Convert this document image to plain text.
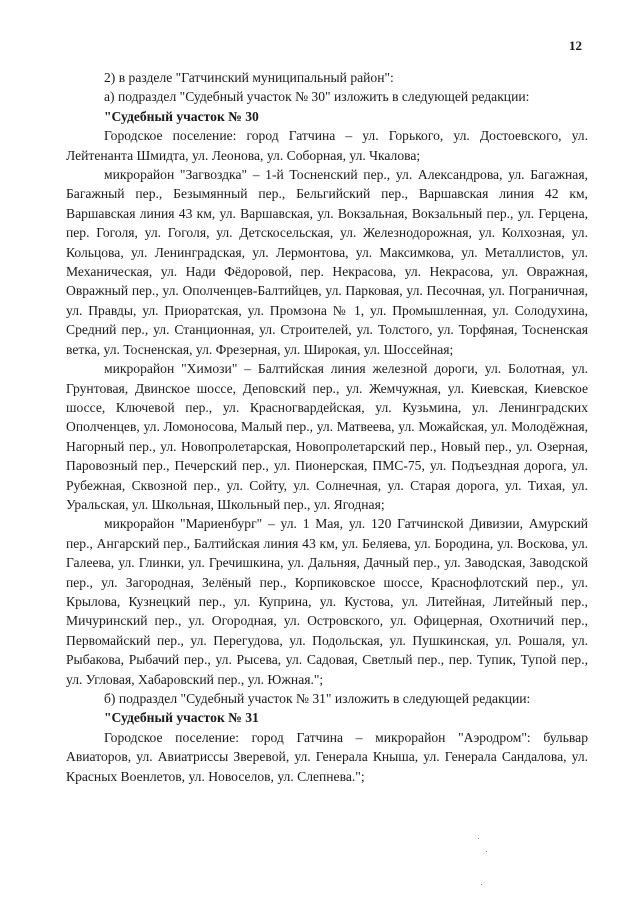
12

2) в разделе "Гатчинский муниципальный район":

а) подраздел "Судебный участок № 30" изложить в следующей редакции:

"Судебный участок № 30

Городское поселение: город Гатчина – ул. Горького, ул. Достоевского, ул. Лейтенанта Шмидта, ул. Леонова, ул. Соборная, ул. Чкалова;

микрорайон "Загвоздка" – 1-й Тосненский пер., ул. Александрова, ул. Багажная, Багажный пер., Безымянный пер., Бельгийский пер., Варшавская линия 42 км, Варшавская линия 43 км, ул. Варшавская, ул. Вокзальная, Вокзальный пер., ул. Герцена, пер. Гоголя, ул. Гоголя, ул. Детскосельская, ул. Железнодорожная, ул. Колхозная, ул. Кольцова, ул. Ленинградская, ул. Лермонтова, ул. Максимкова, ул. Металлистов, ул. Механическая, ул. Нади Фёдоровой, пер. Некрасова, ул. Некрасова, ул. Овражная, Овражный пер., ул. Ополченцев-Балтийцев, ул. Парковая, ул. Песочная, ул. Пограничная, ул. Правды, ул. Приоратская, ул. Промзона № 1, ул. Промышленная, ул. Солодухина, Средний пер., ул. Станционная, ул. Строителей, ул. Толстого, ул. Торфяная, Тосненская ветка, ул. Тосненская, ул. Фрезерная, ул. Широкая, ул. Шоссейная;

микрорайон "Химози" – Балтийская линия железной дороги, ул. Болотная, ул. Грунтовая, Двинское шоссе, Деповский пер., ул. Жемчужная, ул. Киевская, Киевское шоссе, Ключевой пер., ул. Красногвардейская, ул. Кузьмина, ул. Ленинградских Ополченцев, ул. Ломоносова, Малый пер., ул. Матвеева, ул. Можайская, ул. Молодёжная, Нагорный пер., ул. Новопролетарская, Новопролетарский пер., Новый пер., ул. Озерная, Паровозный пер., Печерский пер., ул. Пионерская, ПМС-75, ул. Подъездная дорога, ул. Рубежная, Сквозной пер., ул. Сойту, ул. Солнечная, ул. Старая дорога, ул. Тихая, ул. Уральская, ул. Школьная, Школьный пер., ул. Ягодная;

микрорайон "Мариенбург" – ул. 1 Мая, ул. 120 Гатчинской Дивизии, Амурский пер., Ангарский пер., Балтийская линия 43 км, ул. Беляева, ул. Бородина, ул. Воскова, ул. Галеева, ул. Глинки, ул. Гречишкина, ул. Дальняя, Дачный пер., ул. Заводская, Заводской пер., ул. Загородная, Зелёный пер., Корпиковское шоссе, Краснофлотский пер., ул. Крылова, Кузнецкий пер., ул. Куприна, ул. Кустова, ул. Литейная, Литейный пер., Мичуринский пер., ул. Огородная, ул. Островского, ул. Офицерная, Охотничий пер., Первомайский пер., ул. Перегудова, ул. Подольская, ул. Пушкинская, ул. Рошаля, ул. Рыбакова, Рыбачий пер., ул. Рысева, ул. Садовая, Светлый пер., пер. Тупик, Тупой пер., ул. Угловая, Хабаровский пер., ул. Южная.";

б) подраздел "Судебный участок № 31" изложить в следующей редакции:

"Судебный участок № 31

Городское поселение: город Гатчина – микрорайон "Аэродром": бульвар Авиаторов, ул. Авиатриссы Зверевой, ул. Генерала Кныша, ул. Генерала Сандалова, ул. Красных Военлетов, ул. Новоселов, ул. Слепнева.";
